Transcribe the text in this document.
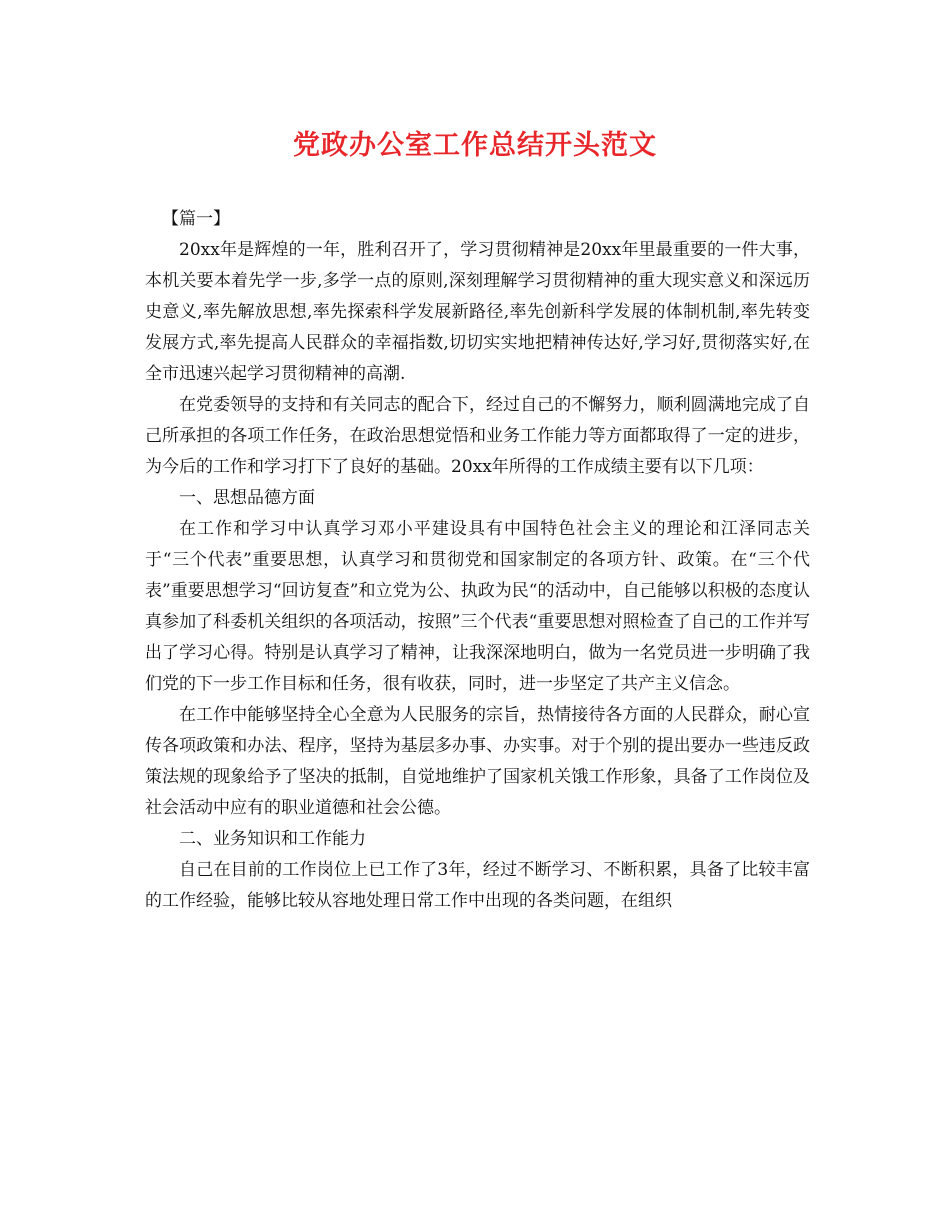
党政办公室工作总结开头范文

【篇一】

20xx年是辉煌的一年，胜利召开了，学习贯彻精神是20xx年里最重要的一件大事，本机关要本着先学一步,多学一点的原则,深刻理解学习贯彻精神的重大现实意义和深远历史意义,率先解放思想,率先探索科学发展新路径,率先创新科学发展的体制机制,率先转变发展方式,率先提高人民群众的幸福指数,切切实实地把精神传达好,学习好,贯彻落实好,在全市迅速兴起学习贯彻精神的高潮.

在党委领导的支持和有关同志的配合下，经过自己的不懈努力，顺利圆满地完成了自己所承担的各项工作任务，在政治思想觉悟和业务工作能力等方面都取得了一定的进步，为今后的工作和学习打下了良好的基础。20xx年所得的工作成绩主要有以下几项：

一、思想品德方面

在工作和学习中认真学习邓小平建设具有中国特色社会主义的理论和江泽同志关于“三个代表”重要思想，认真学习和贯彻党和国家制定的各项方针、政策。在“三个代表”重要思想学习“回访复查”和立党为公、执政为民“的活动中，自己能够以积极的态度认真参加了科委机关组织的各项活动，按照”三个代表“重要思想对照检查了自己的工作并写出了学习心得。特别是认真学习了精神，让我深深地明白，做为一名党员进一步明确了我们党的下一步工作目标和任务，很有收获，同时，进一步坚定了共产主义信念。

在工作中能够坚持全心全意为人民服务的宗旨，热情接待各方面的人民群众，耐心宣传各项政策和办法、程序，坚持为基层多办事、办实事。对于个别的提出要办一些违反政策法规的现象给予了坚决的抵制，自觉地维护了国家机关饿工作形象，具备了工作岗位及社会活动中应有的职业道德和社会公德。

二、业务知识和工作能力

自己在目前的工作岗位上已工作了3年，经过不断学习、不断积累，具备了比较丰富的工作经验，能够比较从容地处理日常工作中出现的各类问题，在组织
